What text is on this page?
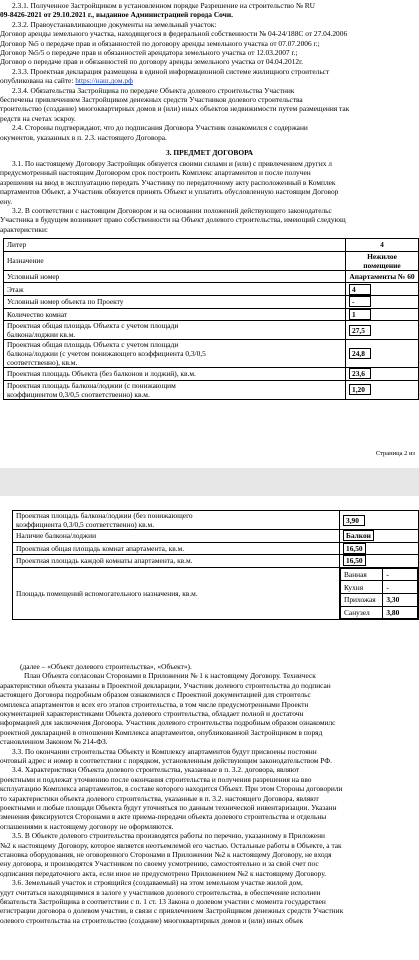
2.3.1. Полученное Застройщиком в установленном порядке Разрешение на строительство № RU
09-8426-2021 от 29.10.2021 г., выданное Администрацией города Сочи.
2.3.2. Правоустанавливающие документы на земельный участок:
Договор аренды земельного участка, находящегося в федеральной собственности № 04-24/188С от 27.04.2006
Договор №5 о передаче прав и обязанностей по договору аренды земельного участка от 07.07.2006 г.;
Договор №5/5 о передаче прав и обязанностей арендатора земельного участка от 12.03.2007 г.;
Договор о передаче прав и обязанностей по договору аренды земельного участка от 04.04.2012г.
2.3.3. Проектная декларация размещена в единой информационной системе жилищного строительст
опубликована на сайте: https://наш.дом.рф
2.3.4. Обязательства Застройщика по передаче Объекта долевого строительства Участник
беспечены привлечением Застройщиком денежных средств Участников долевого строительства
троительство (создание) многоквартирных домов и (или) иных объектов недвижимости путем размещения так
редств на счетах эскроу.
2.4. Стороны подтверждают, что до подписания Договора Участник ознакомился с содержани
окументов, указанных в п. 2.3. настоящего Договора.
3. ПРЕДМЕТ ДОГОВОРА
3.1. По настоящему Договору Застройщик обязуется своими силами и (или) с привлечением других л
предусмотренный настоящим Договором срок построить Комплекс апартаментов и после получен
азрешения на ввод в эксплуатацию передать Участнику по передаточному акту расположенный в Комплек
партаментов Объект, а Участник обязуется принять Объект и уплатить обусловленную настоящим Договор
ену.
3.2. В соответствии с настоящим Договором и на основании положений действующего законодательс
Участника в будущем возникнет право собственности на Объект долевого строительства, имеющий следующ
арактеристики:
Литер	4
Назначение	Нежилое помещение
Условный номер	Апартаменты № 60
Этаж	4
Условный номер объекта по Проекту	-
Количество комнат	1

Проектная общая площадь Объекта с учетом площади
балкона/лоджии кв.м.	27,5

Проектная общая площадь Объекта с учетом площади
балкона/лоджии (с учетом понижающего коэффициента 0,3/0,5
соответственно), кв.м.	24,8

Проектная площадь Объекта (без балконов и лоджий), кв.м.	23,6

Проектная площадь балкона/лоджии (с понижающим
коэффициентом 0,3/0,5 соответственно) кв.м.	1,20
Страница 2 из
Проектная площадь балкона/лоджии (без понижающего
коэффициента 0,3/0,5 соответственно) кв.м.	3,90

Наличие балкона/лоджии	Балкон

Проектная общая площадь комнат апартамента, кв.м.	16,50

Проектная площадь каждой комнаты апартамента, кв.м.	16,50
Площадь помещений вспомогательного назначения, кв.м.	
Ванная	-
Кухня	-
Прихожая	3,30
Санузел	3,80
(далее – «Объект долевого строительства», «Объект»).
План Объекта согласован Сторонами в Приложении № 1 к настоящему Договору. Техническ
арактеристики объекта указаны в Проектной декларации, Участник долевого строительства до подписан
астоящего Договора подробным образом ознакомился с Проектной документацией для строительс
омплекса апартаментов и всех его этапов строительства, в том числе предусмотренными Проектн
окументацией характеристиками Объекта долевого строительства, обладает полной и достаточн
нформацией для заключения Договора. Участник долевого строительства подробным образом ознакомилс
роектной декларацией в отношении Комплекса апартаментов, опубликованной Застройщиком в поряд
становленном Законом № 214-ФЗ.
3.3. По окончании строительства Объекту и Комплексу апартаментов будут присвоены постоянн
очтовый адрес и номер в соответствии с порядком, установленным действующим законодательством РФ.
3.4. Характеристики Объекта долевого строительства, указанные в п. 3.2. договора, являют
роектными и подлежат уточнению после окончания строительства и получения разрешения на вво
ксплуатацию Комплекса апартаментов, в составе которого находится Объект. При этом Стороны договорили
то характеристики объекта долевого строительства, указанные в п. 3.2. настоящего Договора, являют
роектными и любые площади Объекта будут уточняться по данным технической инвентаризации. Указанн
зменения фиксируются Сторонами в акте приема-передачи объекта долевого строительства и отдельны
оглашениями к настоящему договору не оформляются.
3.5. В Объекте долевого строительства производятся работы по перечню, указанному в Приложени
№2 к настоящему Договору, которое является неотъемлемой его частью. Остальные работы в Объекте, а так
становка оборудования, не оговоренного Сторонами в Приложении №2 к настоящему Договору, не входя
ену договора, и производятся Участником по своему усмотрению, самостоятельно и за свой счет пос
одписания передаточного акта, если иное не предусмотрено Приложением №2 к настоящему Договору.
3.6. Земельный участок и строящийся (создаваемый) на этом земельном участке жилой дом,
удут считаться находящимися в залоге у участников долевого строительства, в обеспечение исполнен
бязательств Застройщика в соответствии с п. 1 ст. 13 Закона о долевом участии с момента государствен
егистрации договора о долевом участии, в связи с привлечением Застройщиком денежных средств Участник
олевого строительства на строительство (создание) многоквартирных домов и (или) иных объек
